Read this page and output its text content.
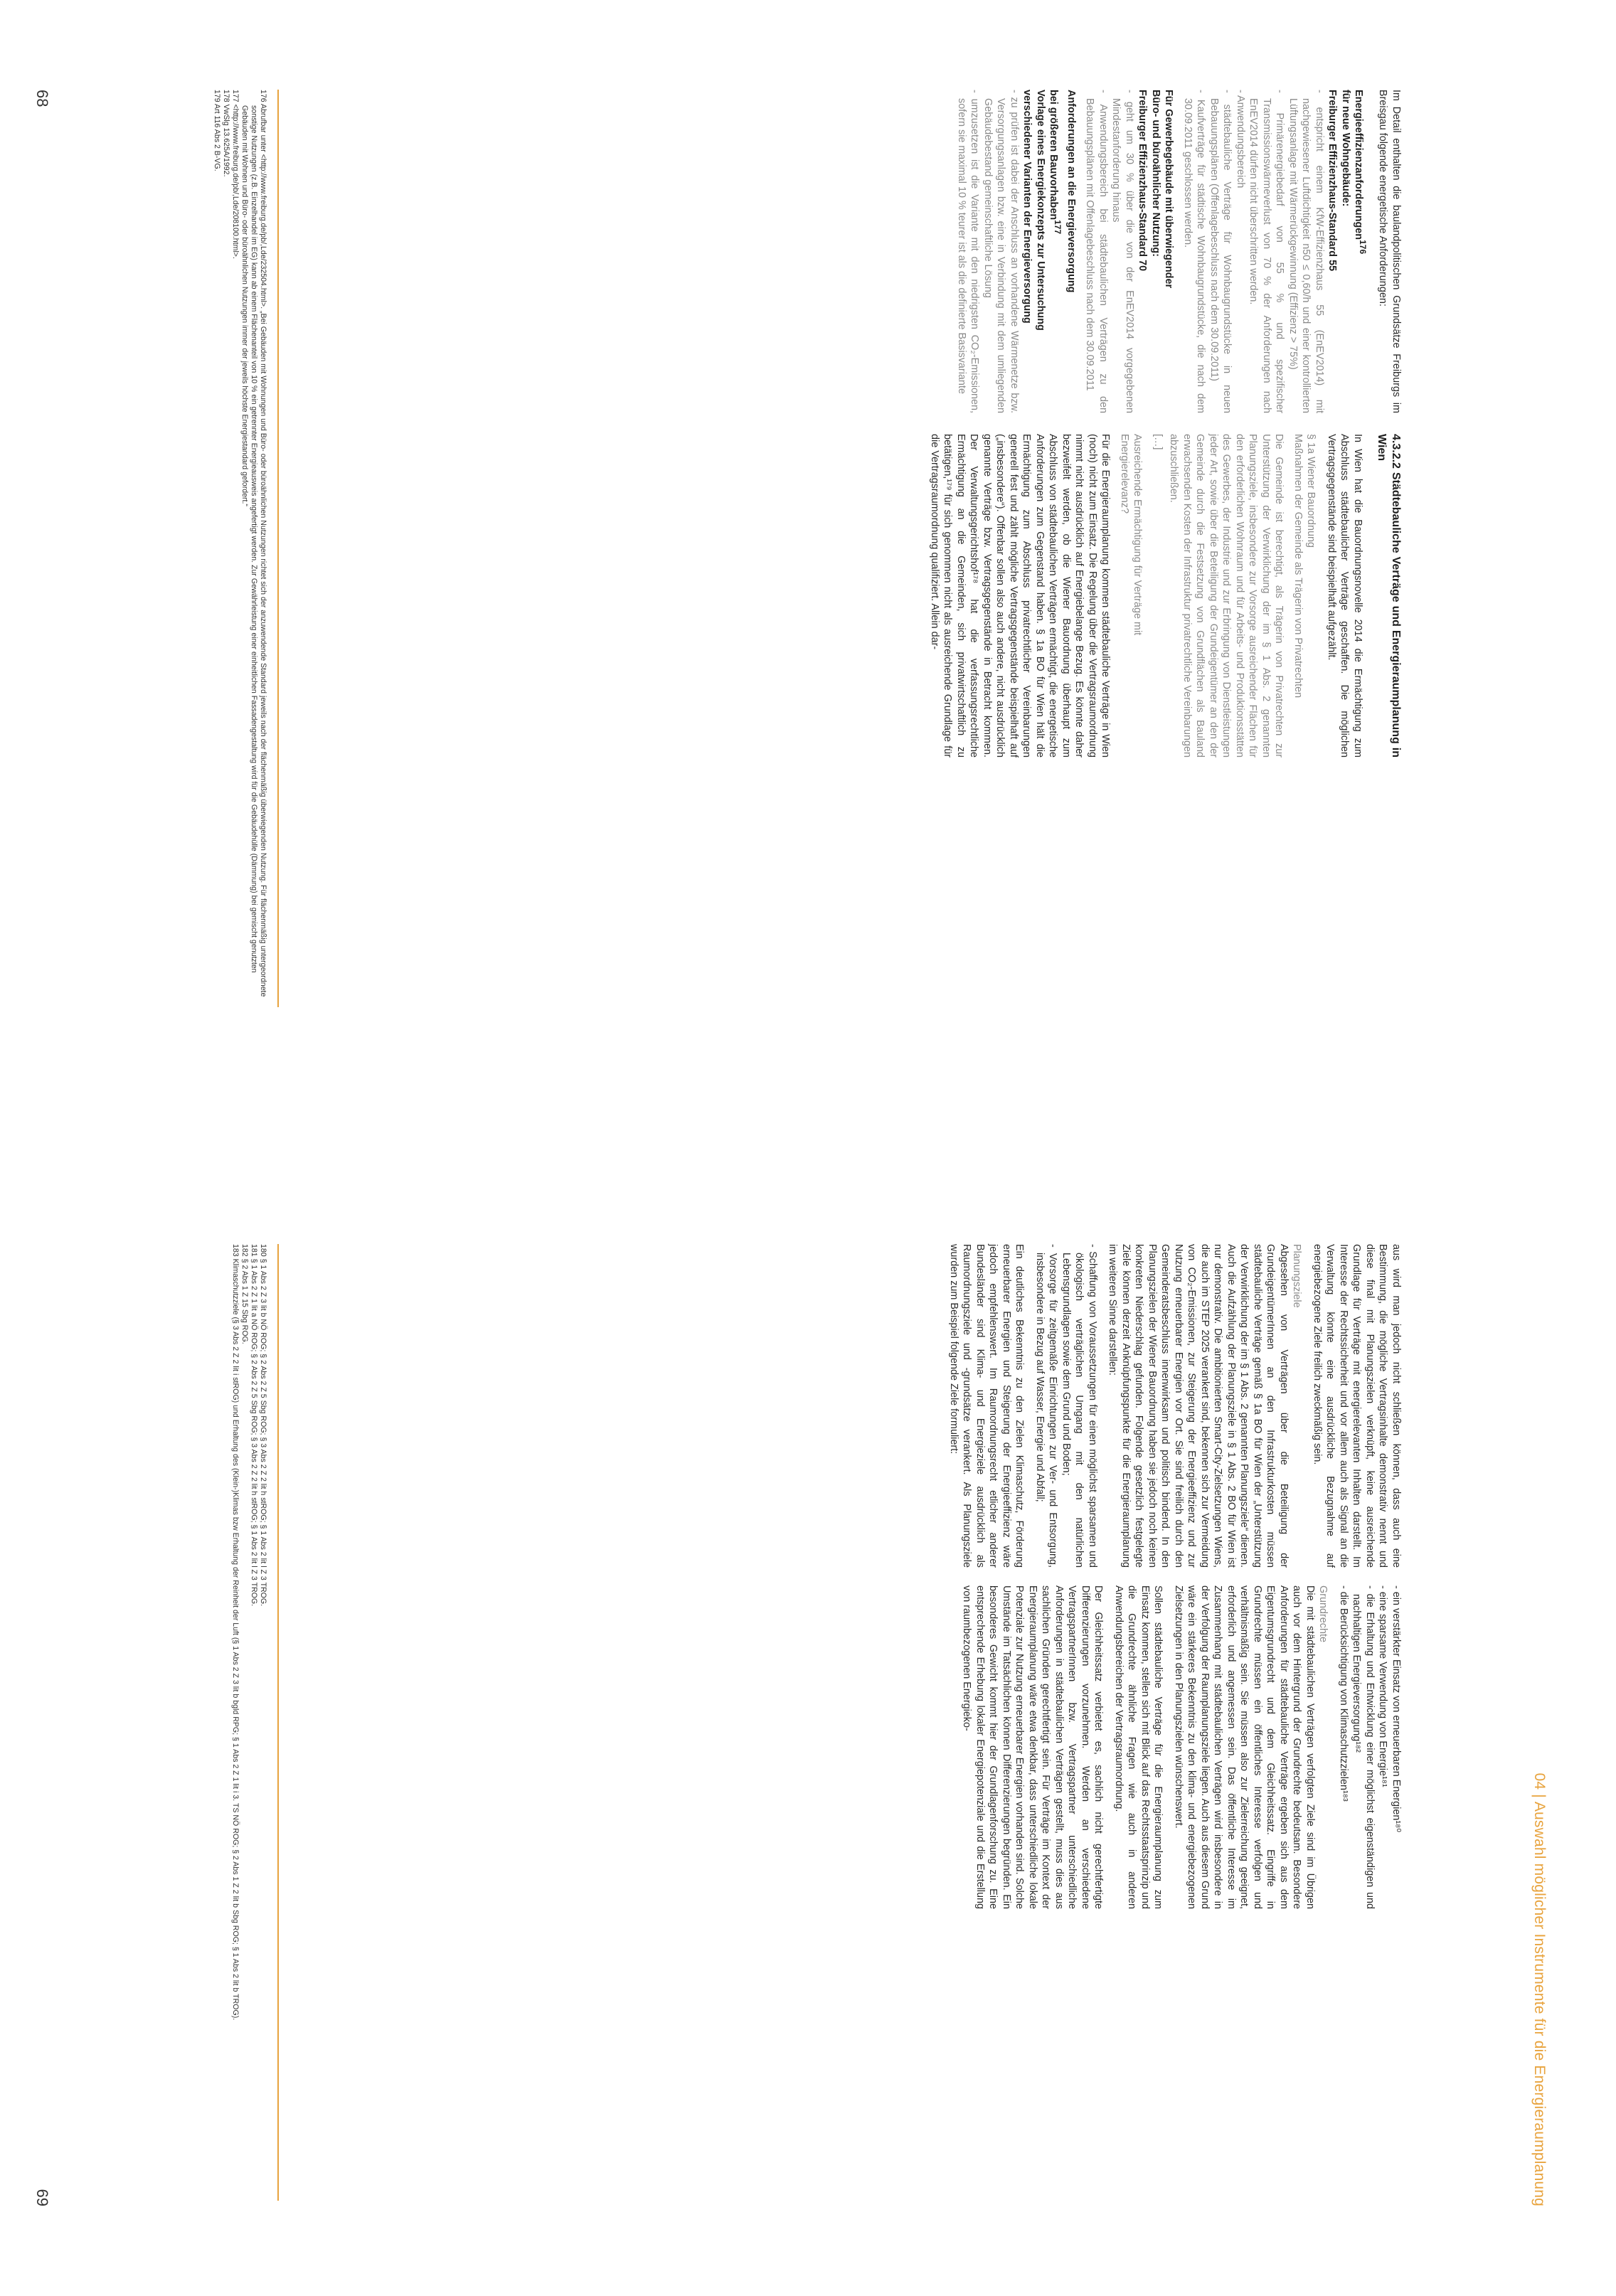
Im Detail enthalten die baulandpolitischen Grundsätze Freiburgs im Breisgau folgende energetische Anforderungen:

Energieeffizienzanforderungen$^{176}$
für neue Wohngebäude:
Freiburger Effizienzhaus-Standard 55
- entspricht einem KfW-Effizienzhaus 55 (EnEV2014) mit nachgewiesener Luftdichtigkeit n50 ≤ 0,60/h und einer kontrollierten Lüftungsanlage mit Wärmerückgewinnung (Effizienz > 75%)
- Primärenergiebedarf von 55 % und spezifischer Transmissionswärmeverlust von 70 % der Anforderungen nach EnEV2014 dürfen nicht überschritten werden.
- Anwendungsbereich
- städtebauliche Verträge für Wohnbaugrundstücke in neuen Bebauungsplänen (Offenlagebeschluss nach dem 30.09.2011)
- Kaufverträge für städtische Wohnbaugrundstücke, die nach dem 30.09.2011 geschlossen werden.
Für Gewerbegebäude mit überwiegender
Büro- und büroähnlicher Nutzung:
Freiburger Effizienzhaus-Standard 70
- geht um 30 % über die von der EnEV2014 vorgegebenen Mindestanforderung hinaus
- Anwendungsbereich bei städtebaulichen Verträgen zu den Bebauungsplänen mit Offenlagebeschluss nach dem 30.09.2011
Anforderungen an die Energieversorgung
bei größeren Bauvorhaben$^{177}$
Vorlage eines Energiekonzepts zur Untersuchung
verschiedener Varianten der Energieversorgung
- zu prüfen ist dabei der Anschluss an vorhandene Wärmenetze bzw. Versorgungsanlagen bzw. eine in Verbindung mit dem umliegenden Gebäudebestand gemeinschaftliche Lösung
- umzusetzen ist die Variante mit den niedrigsten CO₂-Emissionen, sofern sie maximal 10 % teurer ist als die definierte Basisvariante
4.3.2.2 Städtebauliche Verträge und Energieraumplanung in Wien

In Wien hat die Bauordnungsnovelle 2014 die Ermächtigung zum Abschluss städtebaulicher Verträge geschaffen. Die möglichen Vertragsgegenstände sind beispielhaft aufgezählt.

§ 1a Wiener Bauordnung
Maßnahmen der Gemeinde als Trägerin von Privatrechten

Die Gemeinde ist berechtigt, als Trägerin von Privatrechten zur Unterstützung der Verwirklichung der im § 1 Abs. 2 genannten Planungsziele, insbesondere zur Vorsorge ausreichender Flächen für den erforderlichen Wohnraum und für Arbeits- und Produktionsstätten des Gewerbes, der Industrie und zur Erbringung von Dienstleistungen jeder Art, sowie über die Beteiligung der Grundeigentümer an den der Gemeinde durch die Festsetzung von Grundflächen als Bauland erwachsenden Kosten der Infrastruktur privatrechtliche Vereinbarungen abzuschließen.

[…]

Ausreichende Ermächtigung für Verträge mit
Energierelevanz?

Für die Energieraumplanung kommen städtebauliche Verträge in Wien (noch) nicht zum Einsatz. Die Regelung über die Vertragsraumordnung nimmt nicht ausdrücklich auf Energiebelange Bezug. Es könnte daher bezweifelt werden, ob die Wiener Bauordnung überhaupt zum Abschluss von städtebaulichen Verträgen ermächtigt, die energetische Anforderungen zum Gegenstand haben. § 1a BO für Wien hält die Ermächtigung zum Abschluss privatrechtlicher Vereinbarungen generell fest und zählt mögliche Vertragsgegenstände beispielhaft auf („insbesondere“). Offenbar sollen also auch andere, nicht ausdrücklich genannte Verträge bzw. Vertragsgegenstände in Betracht kommen. Der Verwaltungsgerichtshof¹⁷⁸ hat die verfassungsrechtliche Ermächtigung an die Gemeinden, sich privatwirtschaftlich zu betätigen,¹⁷⁹ für sich genommen nicht als ausreichende Grundlage für die Vertragsraumordnung qualifiziert. Allein dar-

176 Abrufbar unter <http://www.freiburg.de/pb/,Lde/232504.html>. „Bei Gebäuden mit Wohnungen und Büro- oder büroähnlichen Nutzungen richtet sich der anzuwendende Standard jeweils nach der flächenmäßig überwiegenden Nutzung. Für flächenmäßig untergeordnete sonstige Nutzungen (z.B. Einzelhandel im EG) kann ab einem Flächenanteil von 10 % ein getrennter Energieausweis angefertigt werden. Zur Gewährleistung einer einheitlichen Fassadengestaltung wird für die Gebäudehülle (Dämmung) bei gemischt genutzten Gebäuden mit Wohnen und Büro- oder büroähnlichen Nutzungen immer der jeweils höchste Energiestandard gefordert.“
177 <http://www.freiburg.de/pb/,Lde/208100.html>.
178 VwSlg 13.625A/1992.
179 Art 116 Abs 2 B-VG.
68
04 | Auswahl möglicher Instrumente für die Energieraumplanung

aus wird man jedoch nicht schließen können, dass auch eine Bestimmung, die mögliche Vertragsinhalte demonstrativ nennt und diese final mit Planungszielen verknüpft, keine ausreichende Grundlage für Verträge mit energierelevanten Inhalten darstellt. Im Interesse der Rechtssicherheit und vor allem auch als Signal an die Verwaltung könnte eine ausdrückliche Bezugnahme auf energiebezogene Ziele freilich zweckmäßig sein.

Planungsziele

Abgesehen von Verträgen über die Beteiligung der GrundeigentümerInnen an den Infrastrukturkosten müssen städtebauliche Verträge gemäß § 1a BO für Wien der „Unterstützung der Verwirklichung der im § 1 Abs. 2 genannten Planungsziele“ dienen. Auch die Aufzählung der Planungsziele in § 1 Abs. 2 BO für Wien ist nur demonstrativ. Die ambitionierten Smart-City-Zielsetzungen Wiens, die auch im STEP 2025 verankert sind, bekennen sich zur Vermeidung von CO₂-Emissionen, zur Steigerung der Energieeffizienz und zur Nutzung erneuerbarer Energien vor Ort. Sie sind freilich durch den Gemeinderatsbeschluss innenwirksam und politisch bindend. In den Planungszielen der Wiener Bauordnung haben sie jedoch noch keinen konkreten Niederschlag gefunden. Folgende gesetzlich festgelegte Ziele können derzeit Anknüpfungspunkte für die Energieraumplanung im weiteren Sinne darstellen:

- Schaffung von Voraussetzungen für einen möglichst sparsamen und ökologisch verträglichen Umgang mit den natürlichen Lebensgrundlagen sowie dem Grund und Boden;
- Vorsorge für zeitgemäße Einrichtungen zur Ver- und Entsorgung, insbesondere in Bezug auf Wasser, Energie und Abfall;

Ein deutliches Bekenntnis zu den Zielen Klimaschutz, Förderung erneuerbarer Energien und Steigerung der Energieeffizienz wäre jedoch empfehlenswert. Im Raumordnungsrecht etlicher anderer Bundesländer sind Klima- und Energieziele ausdrücklich als Raumordnungsziele und -grundsätze verankert. Als Planungsziele wurden zum Beispiel folgende Ziele formuliert:

- ein verstärkter Einsatz von erneuerbaren Energien¹⁸⁰
- eine sparsame Verwendung von Energie¹⁸¹
- die Erhaltung und Entwicklung einer möglichst eigenständigen und nachhaltigen Energieversorgung¹⁸²
- die Berücksichtigung von Klimaschutzzielen¹⁸³
Grundrechte

Die mit städtebaulichen Verträgen verfolgten Ziele sind im Übrigen auch vor dem Hintergrund der Grundrechte bedeutsam. Besondere Anforderungen für städtebauliche Verträge ergeben sich aus dem Eigentumsgrundrecht und dem Gleichheitssatz. Eingriffe in Grundrechte müssen ein öffentliches Interesse verfolgen und verhältnismäßig sein. Sie müssen also zur Zielerreichung geeignet, erforderlich und angemessen sein. Das öffentliche Interesse im Zusammenhang mit städtebaulichen Verträgen wird insbesondere in der Verfolgung der Raumplanungsziele liegen. Auch aus diesem Grund wäre ein stärkeres Bekenntnis zu den klima- und energiebezogenen Zielsetzungen in den Planungszielen wünschenswert.

Sollen städtebauliche Verträge für die Energieraumplanung zum Einsatz kommen, stellen sich mit Blick auf das Rechtsstaatsprinzip und die Grundrechte ähnliche Fragen wie auch in anderen Anwendungsbereichen der Vertragsraumordnung.

Der Gleichheitssatz verbietet es, sachlich nicht gerechtfertigte Differenzierungen vorzunehmen. Werden an verschiedene VertragspartnerInnen bzw. Vertragspartner unterschiedliche Anforderungen in städtebaulichen Verträgen gestellt, muss dies aus sachlichen Gründen gerechtfertigt sein. Für Verträge im Kontext der Energieraumplanung wäre etwa denkbar, dass unterschiedliche lokale Potenziale zur Nutzung erneuerbarer Energien vorhanden sind. Solche Umstände im Tatsächlichen können Differenzierungen begründen. Ein besonderes Gewicht kommt hier der Grundlagenforschung zu. Eine entsprechende Erhebung lokaler Energiepotenziale und die Erstellung von raumbezogenen Energieko-

180 § 1 Abs 2 Z 3 lit b NÖ ROG; § 2 Abs 2 Z 5 Sbg ROG; § 3 Abs 2 Z 2 lit h stROG; § 1 Abs 2 lit l Z 3 TROG.
181 § 1 Abs 2 Z 1 lit a NÖ ROG; § 2 Abs 2 Z 5 Sbg ROG; § 3 Abs 2 Z 2 lit h stROG; § 1 Abs 2 lit l Z 3 TROG.
182 § 2 Abs 1 Z 15 Sbg ROG.
183 Klimaschutzziele (§ 3 Abs 2 Z 2 lit i stROG) und Erhaltung des (Klein-)Klimas bzw Erhaltung der Reinheit der Luft (§ 1 Abs 2 Z 3 lit b bgld RPG; § 1 Abs 2 Z 1 lit i 3. TS NÖ ROG; § 2 Abs 1 Z 2 lit b Sbg ROG; § 1 Abs 2 lit b TROG).
69
